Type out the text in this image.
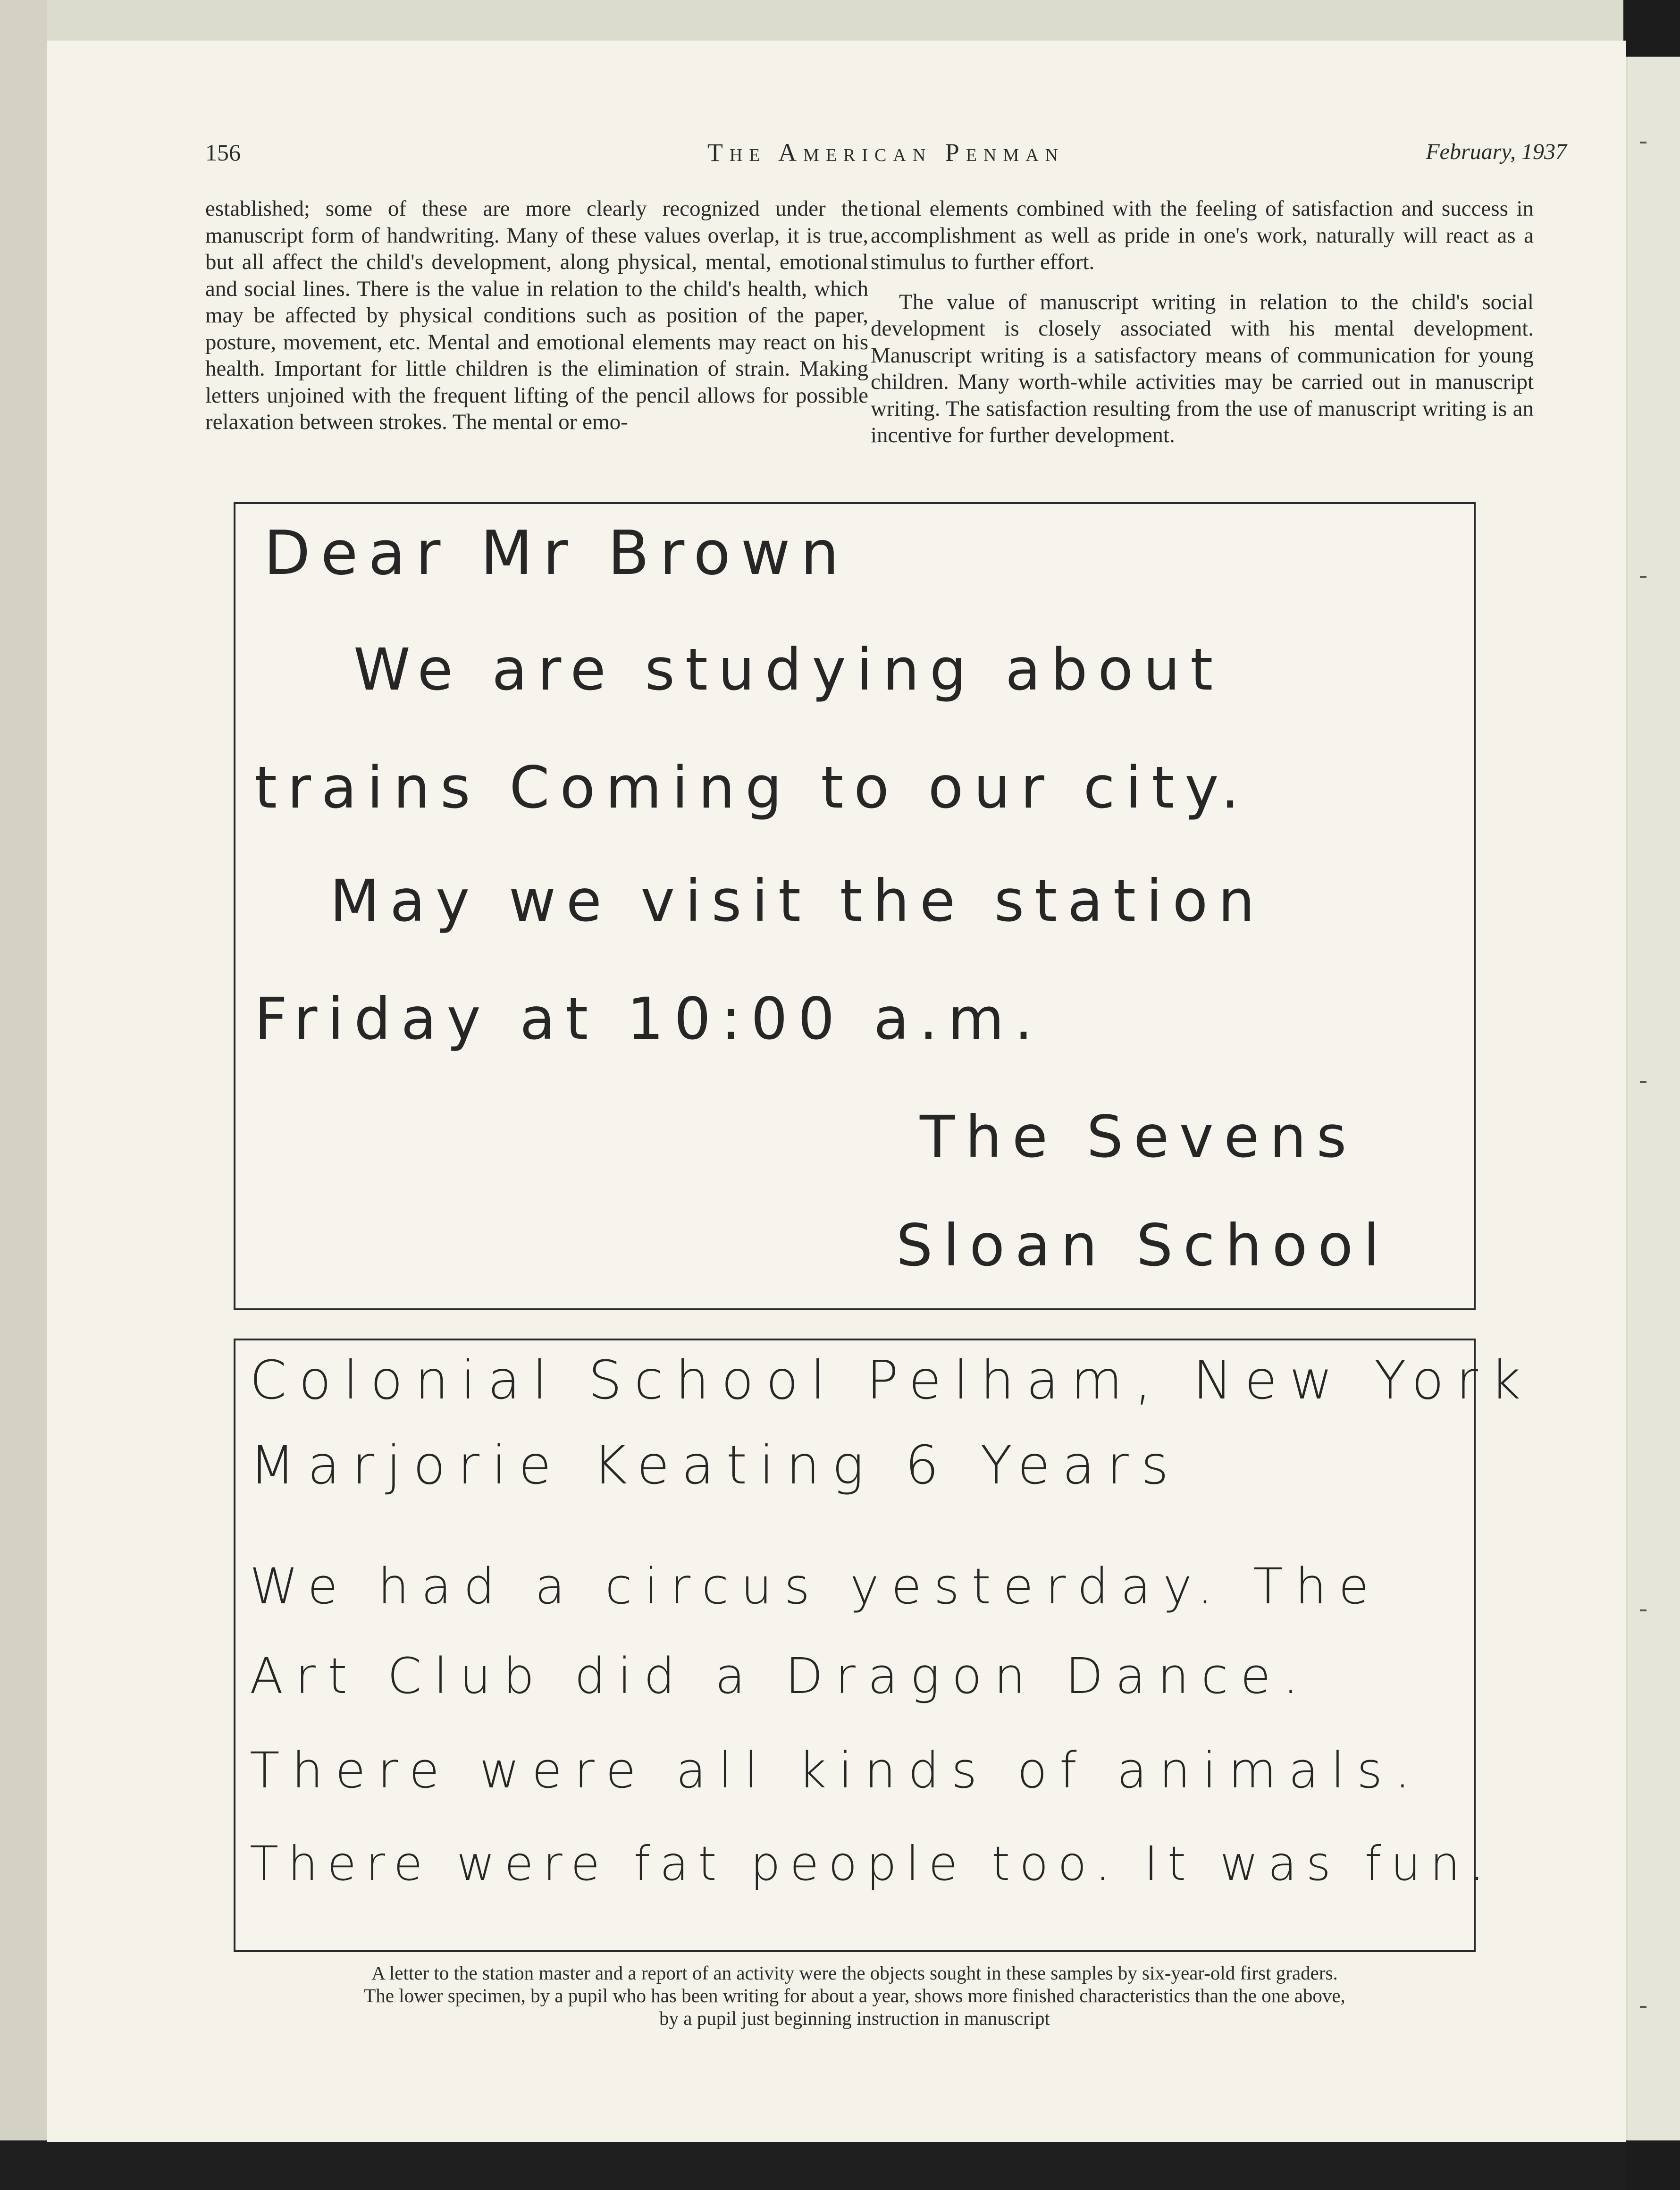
156	The American Penman	February, 1937

established; some of these are more clearly recognized under the manuscript form of handwriting. Many of these values overlap, it is true, but all affect the child's development, along physical, mental, emotional and social lines. There is the value in relation to the child's health, which may be affected by physical conditions such as position of the paper, posture, movement, etc. Mental and emotional elements may react on his health. Important for little children is the elimination of strain. Making letters unjoined with the frequent lifting of the pencil allows for possible relaxation between strokes. The mental or emo-

tional elements combined with the feeling of satisfaction and success in accomplishment as well as pride in one's work, naturally will react as a stimulus to further effort.

The value of manuscript writing in relation to the child's social development is closely associated with his mental development. Manuscript writing is a satisfactory means of communication for young children. Many worth-while activities may be carried out in manuscript writing. The satisfaction resulting from the use of manuscript writing is an incentive for further development.

Dear Mr Brown
We are studying about
trains Coming to our city.
May we visit the station
Friday at 10:00 a.m.
The Sevens
Sloan School
Colonial School Pelham, New York
Marjorie Keating 6 Years
We had a circus yesterday. The
Art Club did a Dragon Dance.
There were all kinds of animals.
There were fat people too. It was fun.
A letter to the station master and a report of an activity were the objects sought in these samples by six-year-old first graders.
The lower specimen, by a pupil who has been writing for about a year, shows more finished characteristics than the one above,
by a pupil just beginning instruction in manuscript
